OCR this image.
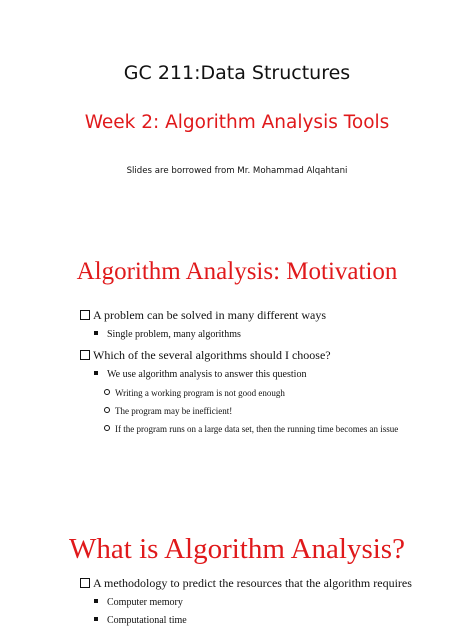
GC 211:Data Structures
Week 2: Algorithm Analysis Tools
Slides are borrowed from Mr. Mohammad Alqahtani
Algorithm Analysis: Motivation
A problem can be solved in many different ways
Single problem, many algorithms
Which of the several algorithms should I choose?
We use algorithm analysis to answer this question
Writing a working program is not good enough
The program may be inefficient!
If the program runs on a large data set, then the running time becomes an issue
What is Algorithm Analysis?
A methodology to predict the resources that the algorithm requires
Computer memory
Computational time
